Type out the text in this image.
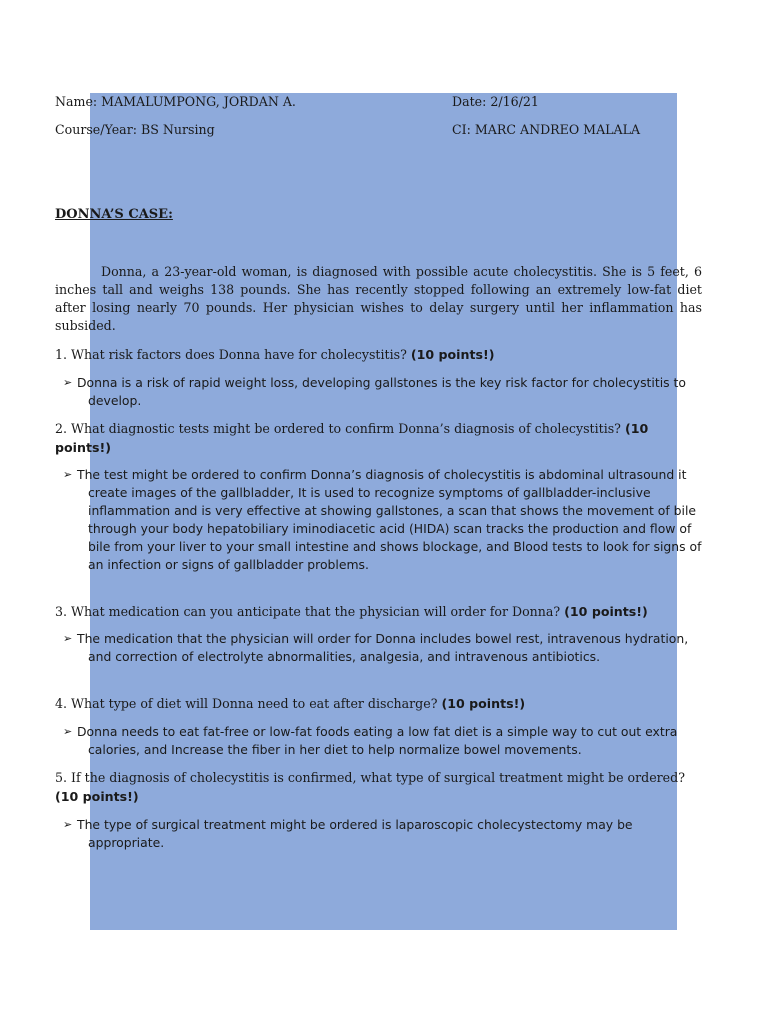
Name: MAMALUMPONG, JORDAN A.	Date: 2/16/21
Course/Year: BS Nursing	CI: MARC ANDREO MALALA
DONNA’S CASE:
Donna, a 23-year-old woman, is diagnosed with possible acute cholecystitis. She is 5 feet, 6 inches tall and weighs 138 pounds. She has recently stopped following an extremely low-fat diet after losing nearly 70 pounds. Her physician wishes to delay surgery until her inflammation has subsided.
1. What risk factors does Donna have for cholecystitis? (10 points!)
➢ Donna is a risk of rapid weight loss, developing gallstones is the key risk factor for cholecystitis to develop.
2. What diagnostic tests might be ordered to confirm Donna’s diagnosis of cholecystitis? (10 points!)
➢ The test might be ordered to confirm Donna’s diagnosis of cholecystitis is abdominal ultrasound it create images of the gallbladder, It is used to recognize symptoms of gallbladder-inclusive inflammation and is very effective at showing gallstones, a scan that shows the movement of bile through your body hepatobiliary iminodiacetic acid (HIDA) scan tracks the production and flow of bile from your liver to your small intestine and shows blockage, and Blood tests to look for signs of an infection or signs of gallbladder problems.
3. What medication can you anticipate that the physician will order for Donna? (10 points!)
➢ The medication that the physician will order for Donna includes bowel rest, intravenous hydration, and correction of electrolyte abnormalities, analgesia, and intravenous antibiotics.
4. What type of diet will Donna need to eat after discharge? (10 points!)
➢ Donna needs to eat fat-free or low-fat foods eating a low fat diet is a simple way to cut out extra calories, and Increase the fiber in her diet to help normalize bowel movements.
5. If the diagnosis of cholecystitis is confirmed, what type of surgical treatment might be ordered? (10 points!)
➢ The type of surgical treatment might be ordered is laparoscopic cholecystectomy may be appropriate.
